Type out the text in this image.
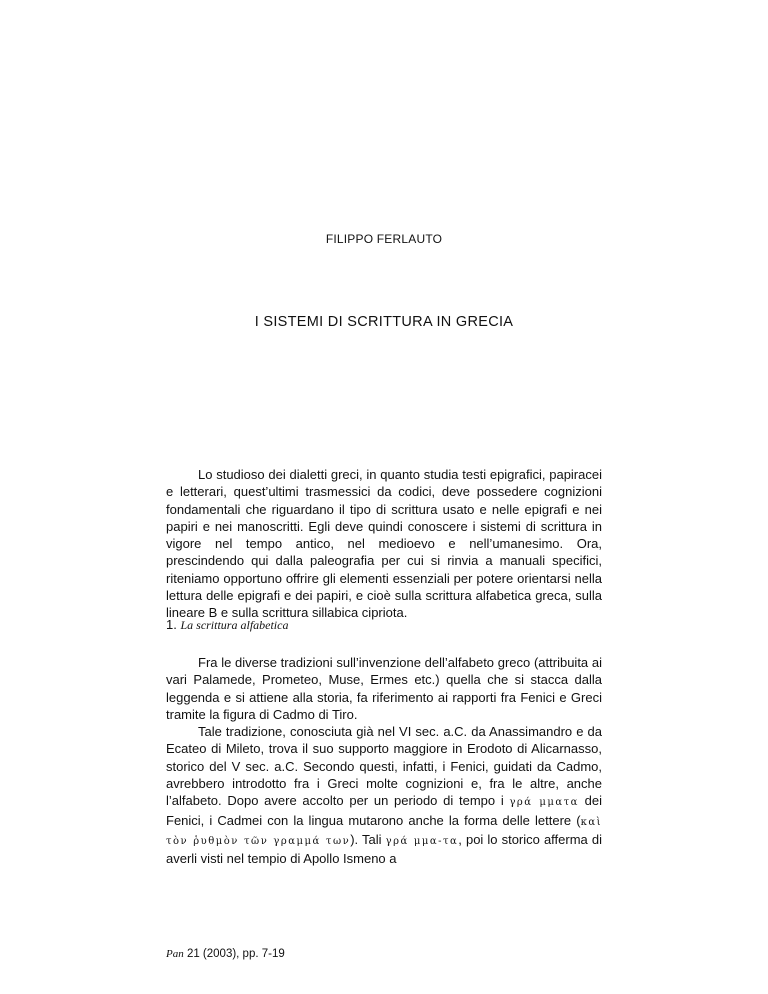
FILIPPO FERLAUTO
I SISTEMI DI SCRITTURA IN GRECIA

Lo studioso dei dialetti greci, in quanto studia testi epigrafici, papiracei e letterari, quest’ultimi trasmessici da codici, deve possedere cognizioni fondamentali che riguardano il tipo di scrittura usato e nelle epigrafi e nei papiri e nei manoscritti. Egli deve quindi conoscere i sistemi di scrittura in vigore nel tempo antico, nel medioevo e nell’umanesimo. Ora, prescindendo qui dalla paleografia per cui si rinvia a manuali specifici, riteniamo opportuno offrire gli elementi essenziali per potere orientarsi nella lettura delle epigrafi e dei papiri, e cioè sulla scrittura alfabetica greca, sulla lineare B e sulla scrittura sillabica cipriota.

1. La scrittura alfabetica

Fra le diverse tradizioni sull’invenzione dell’alfabeto greco (attribuita ai vari Palamede, Prometeo, Muse, Ermes etc.) quella che si stacca dalla leggenda e si attiene alla storia, fa riferimento ai rapporti fra Fenici e Greci tramite la figura di Cadmo di Tiro.

Tale tradizione, conosciuta già nel VI sec. a.C. da Anassimandro e da Ecateo di Mileto, trova il suo supporto maggiore in Erodoto di Alicarnasso, storico del V sec. a.C. Secondo questi, infatti, i Fenici, guidati da Cadmo, avrebbero introdotto fra i Greci molte cognizioni e, fra le altre, anche l’alfabeto. Dopo avere accolto per un periodo di tempo i γρά μματα dei Fenici, i Cadmei con la lingua mutarono anche la forma delle lettere (καὶ τὸν ῥυθμὸν τῶν γραμμά των). Tali γρά μμα-τα, poi lo storico afferma di averli visti nel tempio di Apollo Ismeno a

Pan 21 (2003), pp. 7-19
